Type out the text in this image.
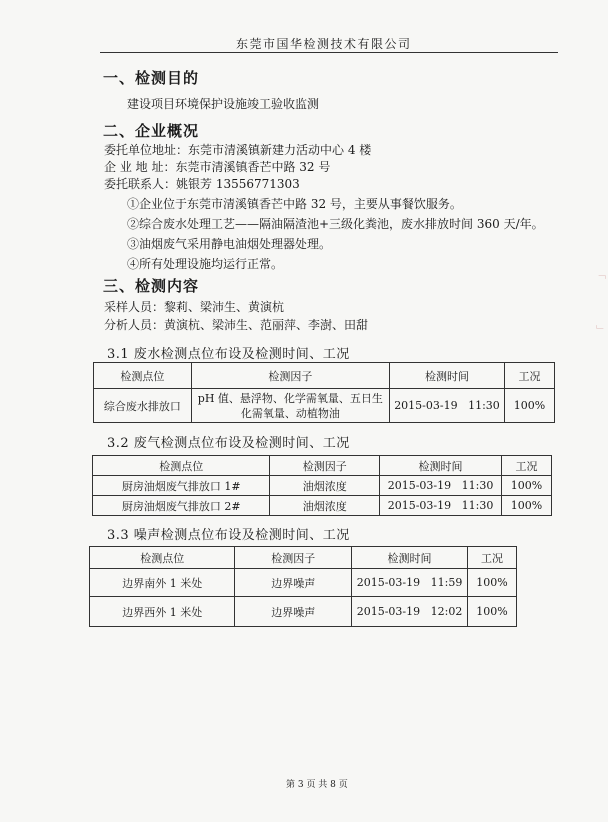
东莞市国华检测技术有限公司
一、检测目的
建设项目环境保护设施竣工验收监测
二、企业概况
委托单位地址：东莞市清溪镇新建力活动中心 4 楼
企 业 地 址：东莞市清溪镇香芒中路 32 号
委托联系人：姚银芳 13556771303
①企业位于东莞市清溪镇香芒中路 32 号，主要从事餐饮服务。
②综合废水处理工艺——隔油隔渣池+三级化粪池，废水排放时间 360 天/年。
③油烟废气采用静电油烟处理器处理。
④所有处理设施均运行正常。
三、检测内容
采样人员：黎莉、梁沛生、黄演杭
分析人员：黄演杭、梁沛生、范丽萍、李澍、田甜
3.1 废水检测点位布设及检测时间、工况
检测点位	检测因子	检测时间	工况
综合废水排放口	pH 值、悬浮物、化学需氧量、五日生
化需氧量、动植物油	2015-03-19   11:30	100%
3.2 废气检测点位布设及检测时间、工况
检测点位	检测因子	检测时间	工况
厨房油烟废气排放口 1#	油烟浓度	2015-03-19   11:30	100%
厨房油烟废气排放口 2#	油烟浓度	2015-03-19   11:30	100%
3.3 噪声检测点位布设及检测时间、工况
检测点位	检测因子	检测时间	工况
边界南外 1 米处	边界噪声	2015-03-19   11:59	100%
边界西外 1 米处	边界噪声	2015-03-19   12:02	100%
第 3 页 共 8 页
﹁
﹂
